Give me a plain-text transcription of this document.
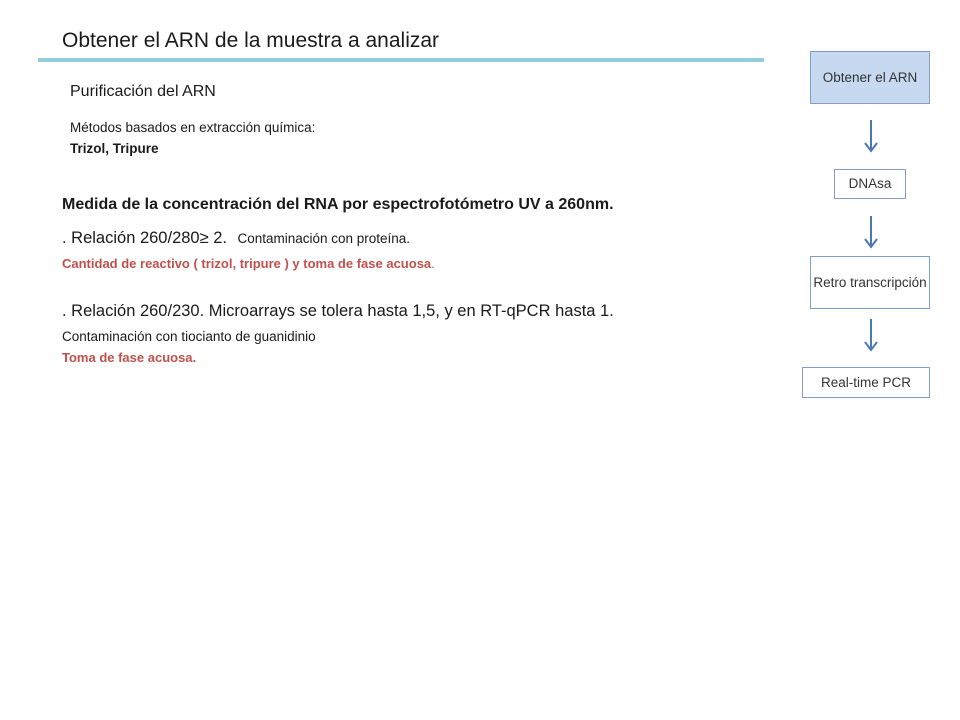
Obtener el ARN de la muestra a analizar
Purificación del ARN
Métodos basados en extracción química:
Trizol, Tripure
Medida de la concentración del RNA por espectrofotómetro UV a 260nm.
. Relación 260/280≥ 2. Contaminación con proteína.
Cantidad de reactivo ( trizol, tripure ) y toma de fase acuosa.
. Relación 260/230. Microarrays se tolera hasta 1,5, y en RT-qPCR hasta 1.
Contaminación con tiocianto de guanidinio
Toma de fase acuosa.
Obtener el ARN
DNAsa
Retro transcripción
Real-time PCR
